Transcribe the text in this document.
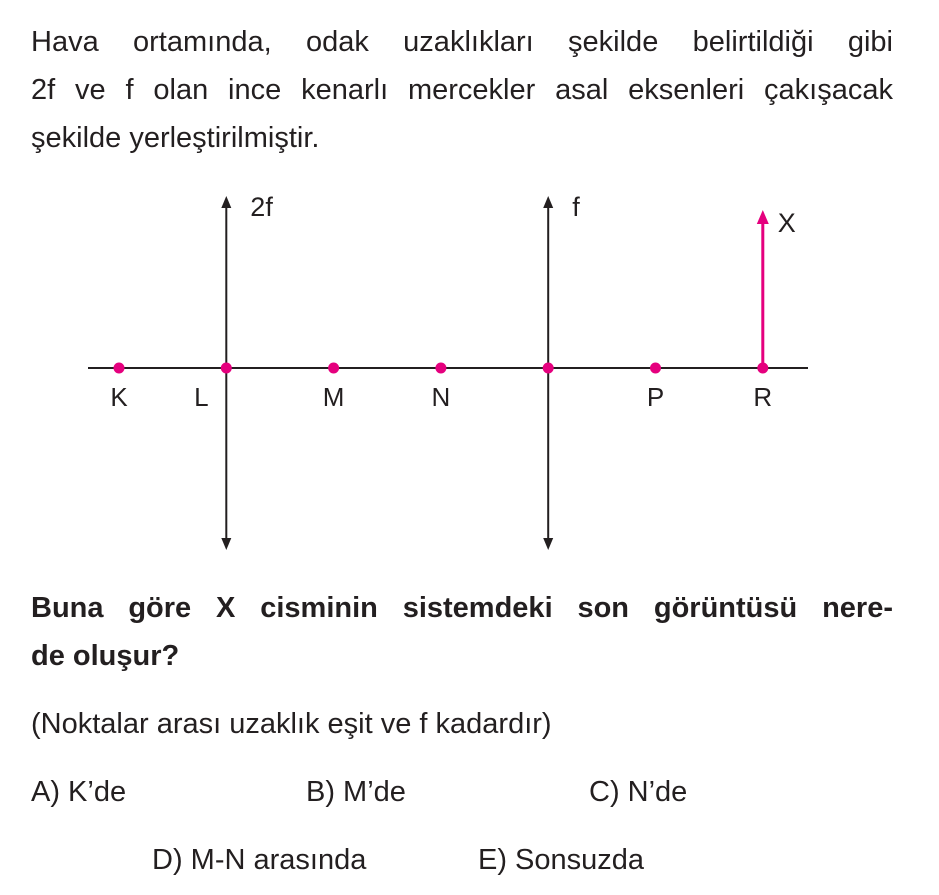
Hava ortamında, odak uzaklıkları şekilde belirtildiği gibi
2f ve f olan ince kenarlı mercekler asal eksenleri çakışacak
şekilde yerleştirilmiştir.
2f	f
X
K	L	M	N	P	R
Buna göre X cisminin sistemdeki son görüntüsü nere-
de oluşur?
(Noktalar arası uzaklık eşit ve f kadardır)
A) K’de	B) M’de	C) N’de
D) M-N arasında	E) Sonsuzda
